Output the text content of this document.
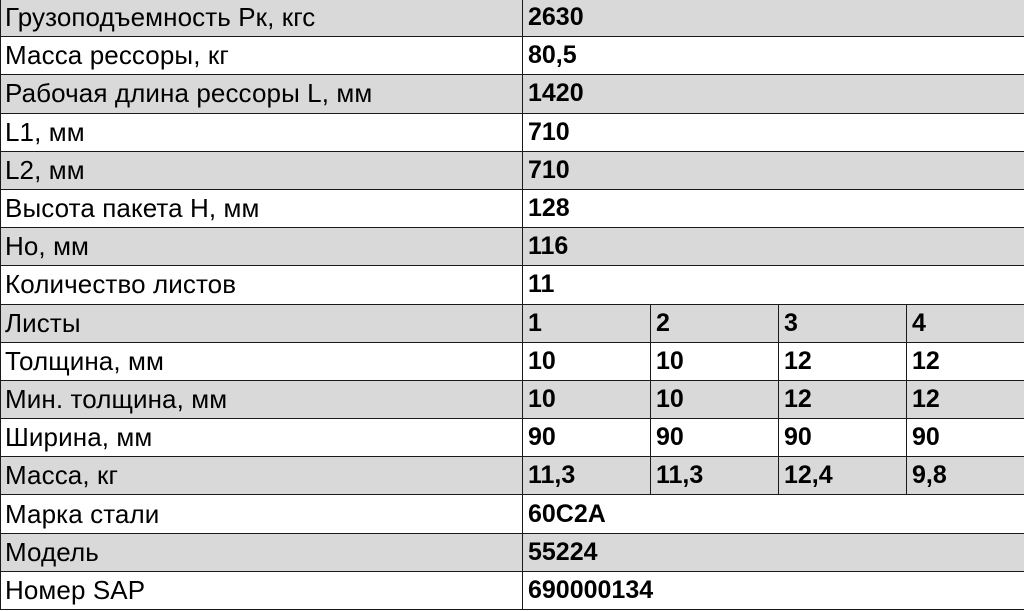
Грузоподъемность Рк, кгс	2630			
Масса рессоры, кг	80,5			
Рабочая длина рессоры L, мм	1420			
L1, мм	710			
L2, мм	710			
Высота пакета H, мм	128			
Ho, мм	116			
Количество листов	11			
Листы	1	2	3	4
Толщина, мм	10	10	12	12
Мин. толщина, мм	10	10	12	12
Ширина, мм	90	90	90	90
Масса, кг	11,3	11,3	12,4	9,8
Марка стали	60С2А			
Модель	55224			
Номер SAP	690000134			
